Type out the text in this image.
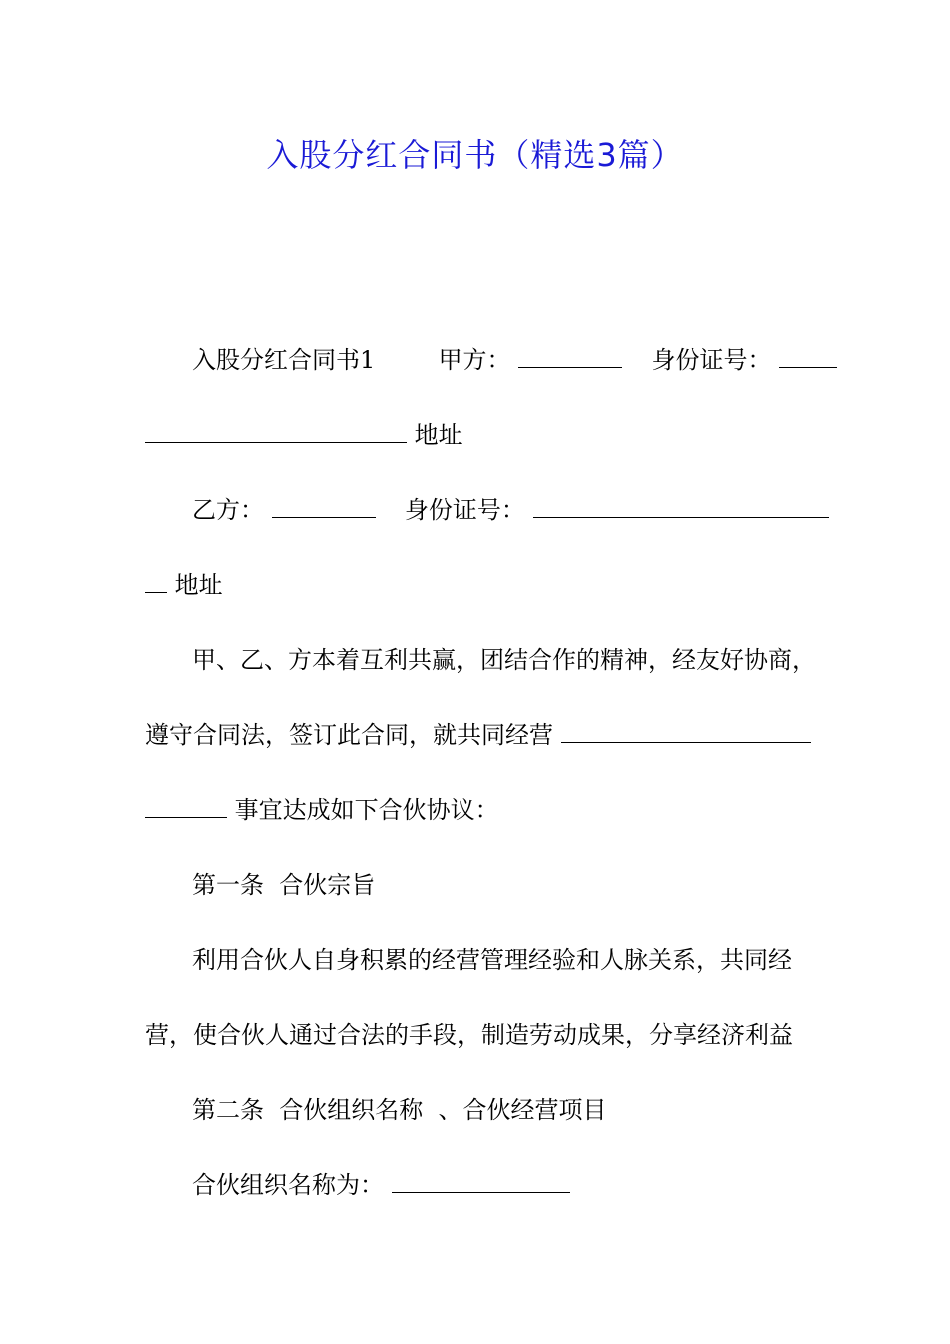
入股分红合同书（精选3篇）
入股分红合同书1	甲方：	身份证号：
地址
乙方：	身份证号：
地址
甲、乙、方本着互利共赢，团结合作的精神，经友好协商，
遵守合同法，签订此合同，就共同经营
事宜达成如下合伙协议：
第一条  合伙宗旨
利用合伙人自身积累的经营管理经验和人脉关系，共同经
营，使合伙人通过合法的手段，制造劳动成果，分享经济利益
第二条  合伙组织名称  、合伙经营项目
合伙组织名称为：
